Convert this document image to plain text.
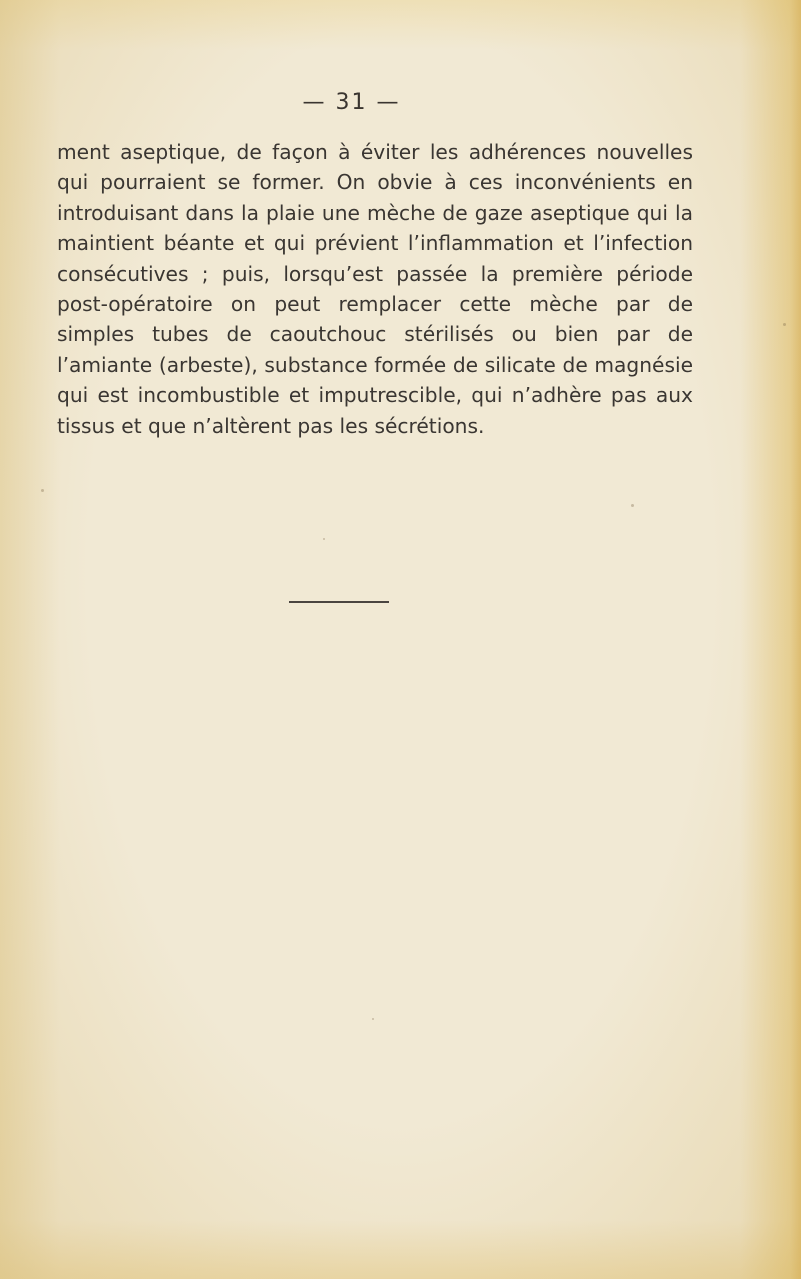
— 31 —

ment aseptique, de façon à éviter les adhérences nouvelles qui pourraient se former. On obvie à ces inconvénients en introduisant dans la plaie une mèche de gaze aseptique qui la maintient béante et qui prévient l’inflammation et l’infection consécutives ; puis, lorsqu’est passée la première période post-opératoire on peut remplacer cette mèche par de simples tubes de caoutchouc stérilisés ou bien par de l’amiante (arbeste), substance formée de silicate de magnésie qui est incombustible et imputrescible, qui n’adhère pas aux tissus et que n’altèrent pas les sécrétions.
